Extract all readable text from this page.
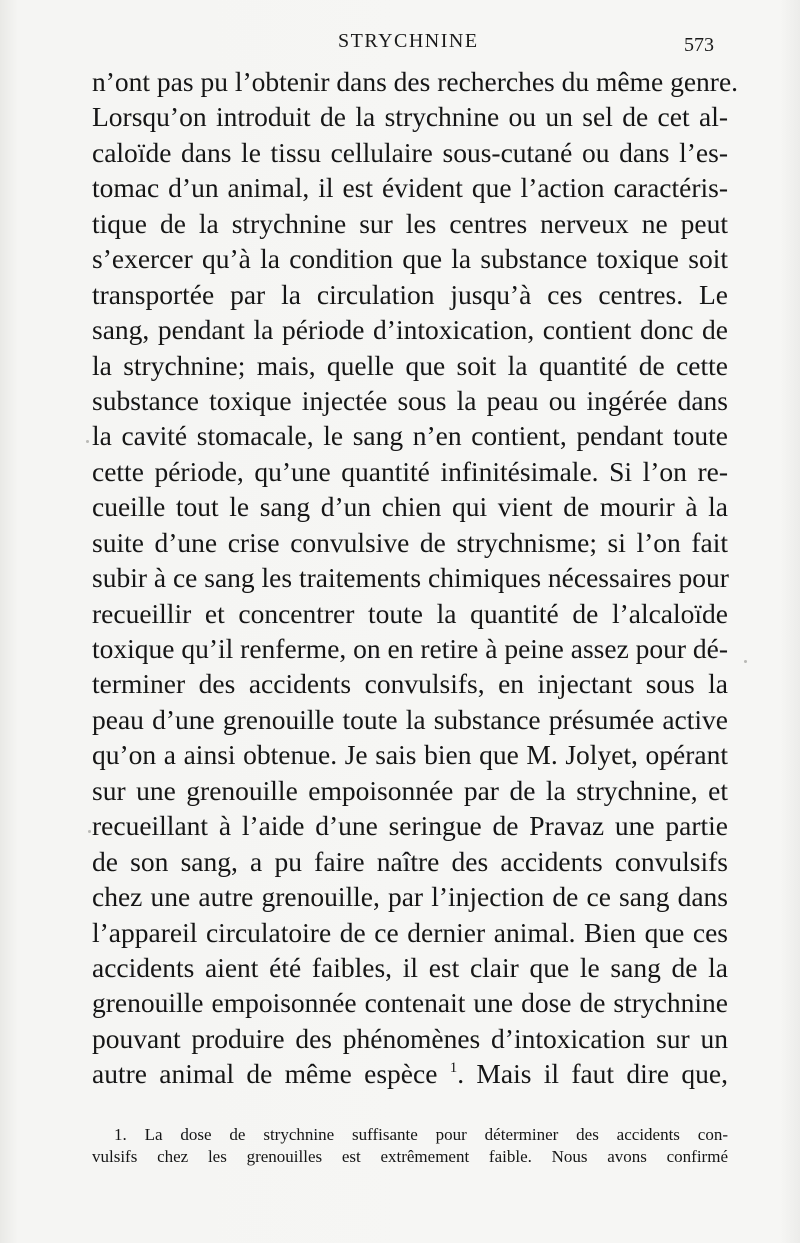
STRYCHNINE	573
n’ont pas pu l’obtenir dans des recherches du même genre.
Lorsqu’on introduit de la strychnine ou un sel de cet al-
caloïde dans le tissu cellulaire sous-cutané ou dans l’es-
tomac d’un animal, il est évident que l’action caractéris-
tique de la strychnine sur les centres nerveux ne peut
s’exercer qu’à la condition que la substance toxique soit
transportée par la circulation jusqu’à ces centres. Le
sang, pendant la période d’intoxication, contient donc de
la strychnine; mais, quelle que soit la quantité de cette
substance toxique injectée sous la peau ou ingérée dans
la cavité stomacale, le sang n’en contient, pendant toute
cette période, qu’une quantité infinitésimale. Si l’on re-
cueille tout le sang d’un chien qui vient de mourir à la
suite d’une crise convulsive de strychnisme; si l’on fait
subir à ce sang les traitements chimiques nécessaires pour
recueillir et concentrer toute la quantité de l’alcaloïde
toxique qu’il renferme, on en retire à peine assez pour dé-
terminer des accidents convulsifs, en injectant sous la
peau d’une grenouille toute la substance présumée active
qu’on a ainsi obtenue. Je sais bien que M. Jolyet, opérant
sur une grenouille empoisonnée par de la strychnine, et
recueillant à l’aide d’une seringue de Pravaz une partie
de son sang, a pu faire naître des accidents convulsifs
chez une autre grenouille, par l’injection de ce sang dans
l’appareil circulatoire de ce dernier animal. Bien que ces
accidents aient été faibles, il est clair que le sang de la
grenouille empoisonnée contenait une dose de strychnine
pouvant produire des phénomènes d’intoxication sur un
autre animal de même espèce $^1$. Mais il faut dire que,
1. La dose de strychnine suffisante pour déterminer des accidents con-
vulsifs chez les grenouilles est extrêmement faible. Nous avons confirmé
